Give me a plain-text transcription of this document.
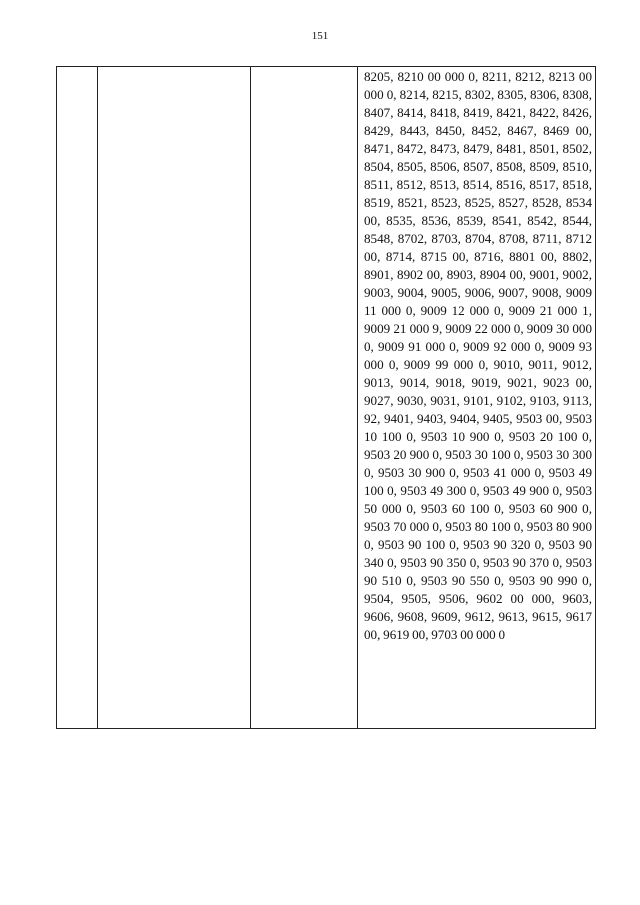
151

8205, 8210 00 000 0, 8211, 8212, 8213 00 000 0, 8214, 8215, 8302, 8305, 8306, 8308, 8407, 8414, 8418, 8419, 8421, 8422, 8426, 8429, 8443, 8450, 8452, 8467, 8469 00, 8471, 8472, 8473, 8479, 8481, 8501, 8502, 8504, 8505, 8506, 8507, 8508, 8509, 8510, 8511, 8512, 8513, 8514, 8516, 8517, 8518, 8519, 8521, 8523, 8525, 8527, 8528, 8534 00, 8535, 8536, 8539, 8541, 8542, 8544, 8548, 8702, 8703, 8704, 8708, 8711, 8712 00, 8714, 8715 00, 8716, 8801 00, 8802, 8901, 8902 00, 8903, 8904 00, 9001, 9002, 9003, 9004, 9005, 9006, 9007, 9008, 9009 11 000 0, 9009 12 000 0, 9009 21 000 1, 9009 21 000 9, 9009 22 000 0, 9009 30 000 0, 9009 91 000 0, 9009 92 000 0, 9009 93 000 0, 9009 99 000 0, 9010, 9011, 9012, 9013, 9014, 9018, 9019, 9021, 9023 00, 9027, 9030, 9031, 9101, 9102, 9103, 9113, 92, 9401, 9403, 9404, 9405, 9503 00, 9503 10 100 0, 9503 10 900 0, 9503 20 100 0, 9503 20 900 0, 9503 30 100 0, 9503 30 300 0, 9503 30 900 0, 9503 41 000 0, 9503 49 100 0, 9503 49 300 0, 9503 49 900 0, 9503 50 000 0, 9503 60 100 0, 9503 60 900 0, 9503 70 000 0, 9503 80 100 0, 9503 80 900 0, 9503 90 100 0, 9503 90 320 0, 9503 90 340 0, 9503 90 350 0, 9503 90 370 0, 9503 90 510 0, 9503 90 550 0, 9503 90 990 0, 9504, 9505, 9506, 9602 00 000, 9603, 9606, 9608, 9609, 9612, 9613, 9615, 9617 00, 9619 00, 9703 00 000 0
